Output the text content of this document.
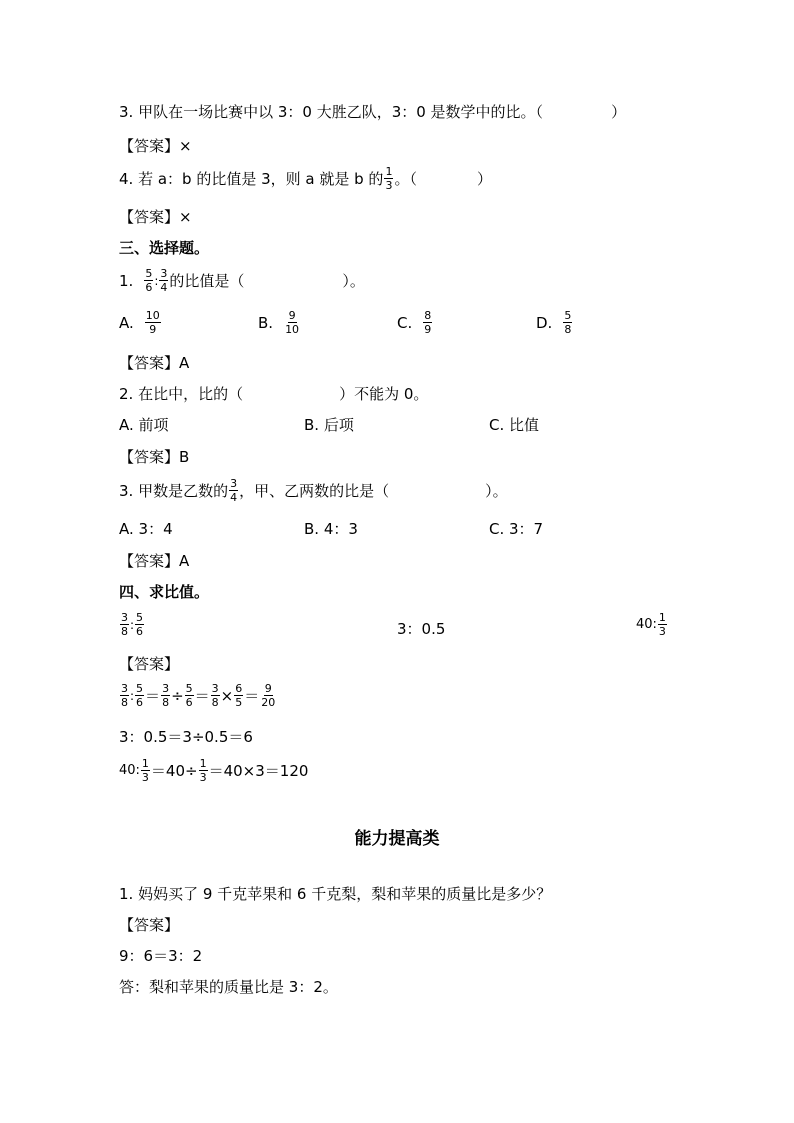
3. 甲队在一场比赛中以 3：0 大胜乙队，3：0 是数学中的比。（	）
【答案】×
4. 若 a：b 的比值是 3，则 a 就是 b 的 $\frac{1}{3}$ 。（	）
【答案】×
三、选择题。
1. $\frac{5}{6}$ : $\frac{3}{4}$ 的比值是（	）。
A. $\frac{10}{9}$	B. $\frac{9}{10}$	C. $\frac{8}{9}$	D. $\frac{5}{8}$
【答案】A
2. 在比中，比的（	）不能为 0。
A. 前项	B. 后项	C. 比值
【答案】B
3. 甲数是乙数的 $\frac{3}{4}$ ，甲、乙两数的比是（	）。
A. 3：4	B. 4：3	C. 3：7
【答案】A
四、求比值。
$\frac{3}{8}$ : $\frac{5}{6}$	3：0.5	40: $\frac{1}{3}$
【答案】
$\frac{3}{8}$ : $\frac{5}{6} = \frac{3}{8} \div \frac{5}{6} = \frac{3}{8} \times \frac{6}{5} = \frac{9}{20}$
3：0.5＝3÷0.5＝6
40: $\frac{1}{3} =40\div \frac{1}{3} =40\times 3=120$
能力提高类
1. 妈妈买了 9 千克苹果和 6 千克梨，梨和苹果的质量比是多少？
【答案】
9：6＝3：2
答：梨和苹果的质量比是 3：2。
